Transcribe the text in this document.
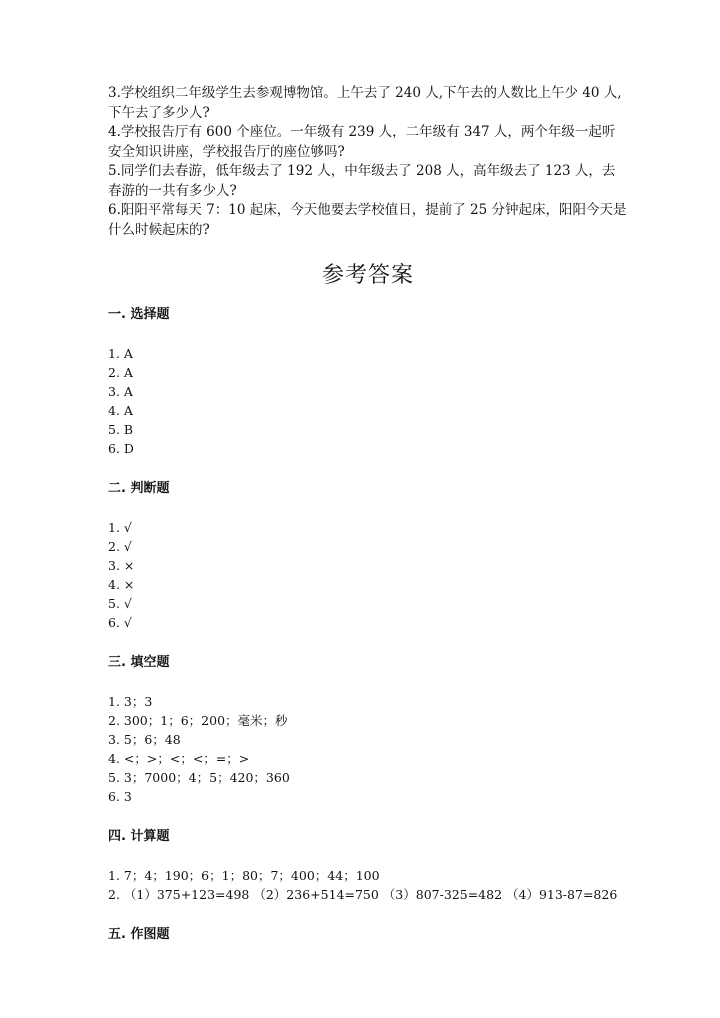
3.学校组织二年级学生去参观博物馆。上午去了 240 人,下午去的人数比上午少 40 人,下午去了多少人?

4.学校报告厅有 600 个座位。一年级有 239 人，二年级有 347 人，两个年级一起听安全知识讲座，学校报告厅的座位够吗?

5.同学们去春游，低年级去了 192 人，中年级去了 208 人，高年级去了 123 人，去春游的一共有多少人?

6.阳阳平常每天 7：10 起床，今天他要去学校值日，提前了 25 分钟起床，阳阳今天是什么时候起床的?

参考答案

一. 选择题

1. A

2. A

3. A

4. A

5. B

6. D

二. 判断题

1. √

2. √

3. ×

4. ×

5. √

6. √

三. 填空题

1. 3；3

2. 300；1；6；200；毫米；秒

3. 5；6；48

4. <；>；<；<；=；>

5. 3；7000；4；5；420；360

6. 3

四. 计算题

1. 7；4；190；6；1；80；7；400；44；100

2. （1）375+123=498 （2）236+514=750 （3）807-325=482 （4）913-87=826

五. 作图题
